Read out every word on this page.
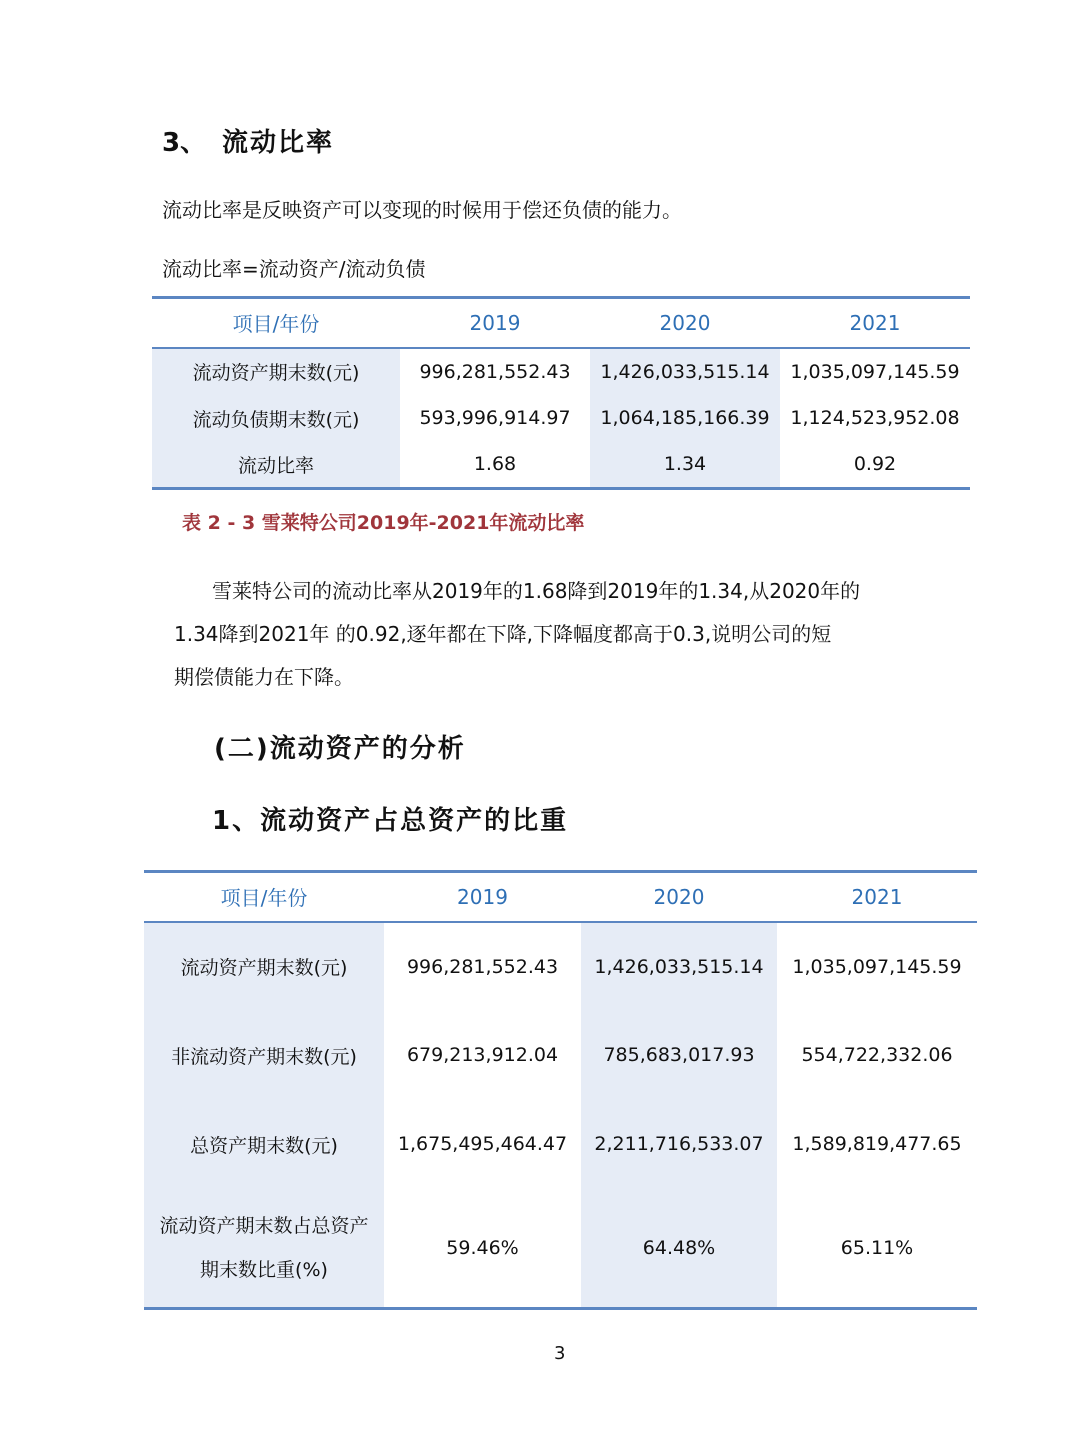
3、 流动比率
流动比率是反映资产可以变现的时候用于偿还负债的能力。
流动比率=流动资产/流动负债
项目/年份	2019	2020	2021
流动资产期末数(元)	996,281,552.43	1,426,033,515.14	1,035,097,145.59
流动负债期末数(元)	593,996,914.97	1,064,185,166.39	1,124,523,952.08
流动比率	1.68	1.34	0.92
表 2 - 3 雪莱特公司2019年-2021年流动比率
雪莱特公司的流动比率从2019年的1.68降到2019年的1.34,从2020年的
1.34降到2021年 的0.92,逐年都在下降,下降幅度都高于0.3,说明公司的短
期偿债能力在下降。
(二)流动资产的分析
1、流动资产占总资产的比重
项目/年份	2019	2020	2021
流动资产期末数(元)	996,281,552.43	1,426,033,515.14	1,035,097,145.59
非流动资产期末数(元)	679,213,912.04	785,683,017.93	554,722,332.06
总资产期末数(元)	1,675,495,464.47	2,211,716,533.07	1,589,819,477.65
流动资产期末数占总资产期末数比重(%)	59.46%	64.48%	65.11%
3
